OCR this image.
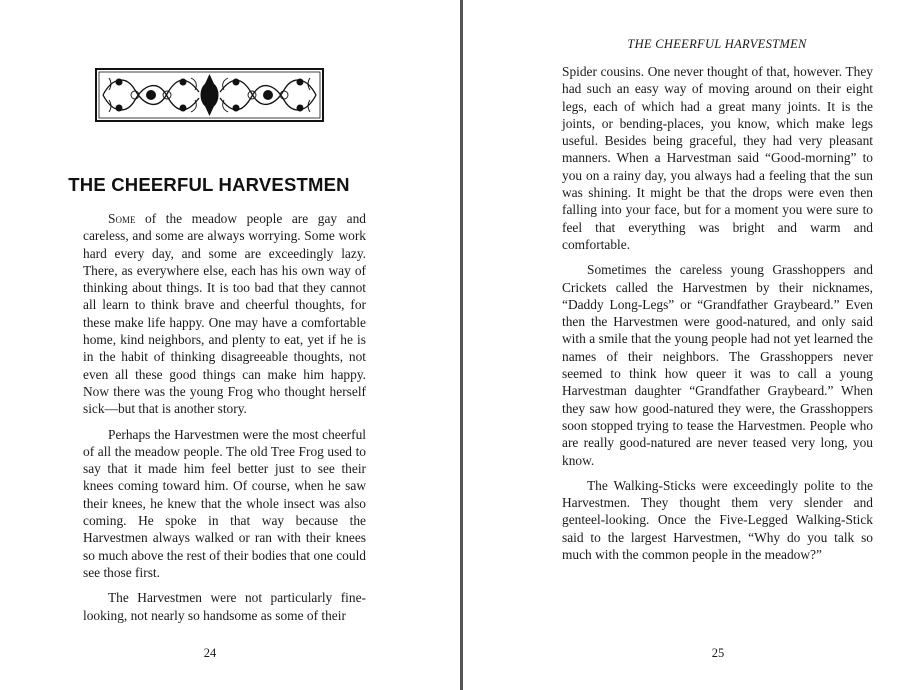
THE CHEERFUL HARVESTMEN

Some of the meadow people are gay and careless, and some are always worrying. Some work hard every day, and some are exceedingly lazy. There, as everywhere else, each has his own way of thinking about things. It is too bad that they cannot all learn to think brave and cheerful thoughts, for these make life happy. One may have a comfortable home, kind neighbors, and plenty to eat, yet if he is in the habit of thinking disagreeable thoughts, not even all these good things can make him happy. Now there was the young Frog who thought herself sick—but that is another story.

Perhaps the Harvestmen were the most cheerful of all the meadow people. The old Tree Frog used to say that it made him feel better just to see their knees coming toward him. Of course, when he saw their knees, he knew that the whole insect was also coming. He spoke in that way because the Harvestmen always walked or ran with their knees so much above the rest of their bodies that one could see those first.

The Harvestmen were not particularly fine-looking, not nearly so handsome as some of their

24
THE CHEERFUL HARVESTMEN

Spider cousins. One never thought of that, however. They had such an easy way of moving around on their eight legs, each of which had a great many joints. It is the joints, or bending-places, you know, which make legs useful. Besides being graceful, they had very pleasant manners. When a Harvestman said “Good-morning” to you on a rainy day, you always had a feeling that the sun was shining. It might be that the drops were even then falling into your face, but for a moment you were sure to feel that everything was bright and warm and comfortable.

Sometimes the careless young Grasshoppers and Crickets called the Harvestmen by their nicknames, “Daddy Long-Legs” or “Grandfather Graybeard.” Even then the Harvestmen were good-natured, and only said with a smile that the young people had not yet learned the names of their neighbors. The Grasshoppers never seemed to think how queer it was to call a young Harvestman daughter “Grandfather Graybeard.” When they saw how good-natured they were, the Grasshoppers soon stopped trying to tease the Harvestmen. People who are really good-natured are never teased very long, you know.

The Walking-Sticks were exceedingly polite to the Harvestmen. They thought them very slender and genteel-looking. Once the Five-Legged Walking-Stick said to the largest Harvestmen, “Why do you talk so much with the common people in the meadow?”

25
